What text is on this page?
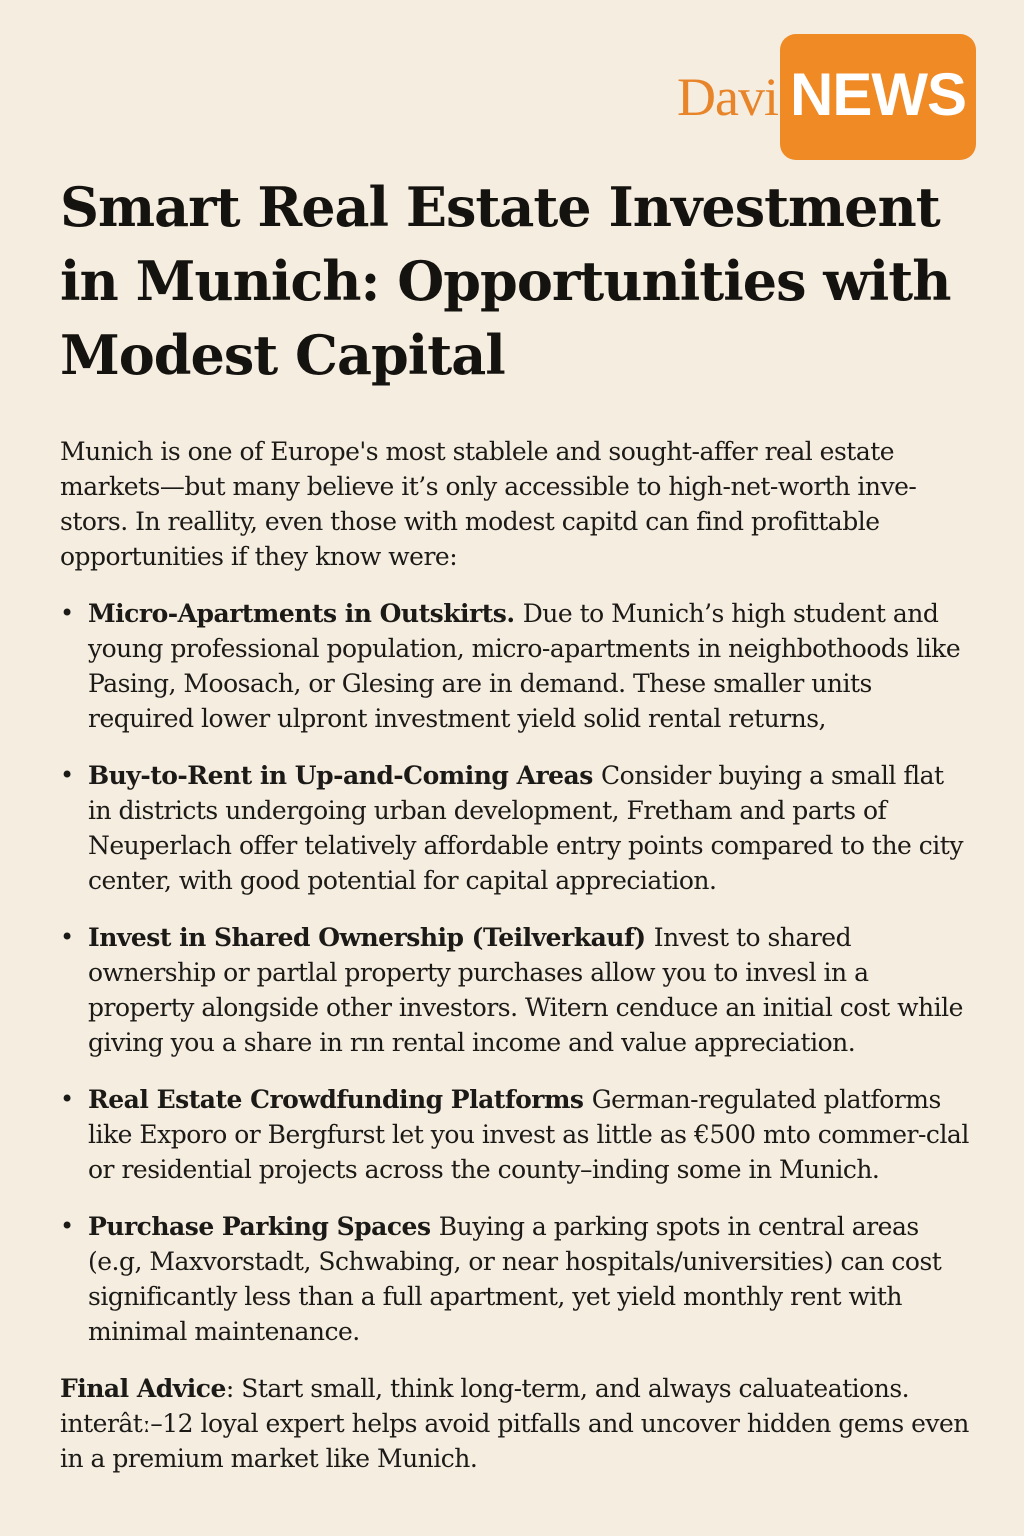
Davi NEWS
Smart Real Estate Investment in Munich: Opportunities with Modest Capital

Munich is one of Europe's most stablele and sought-affer real estate markets—but many believe it’s only accessible to high-net-worth inve-stors. In reallity, even those with modest capitd can find profittable opportunities if they know were:

• Micro-Apartments in Outskirts. Due to Munich’s high student and young professional population, micro-apartments in neighbothoods like Pasing, Moosach, or Glesing are in demand. These smaller units required lower ulpront investment yield solid rental returns,
• Buy-to-Rent in Up-and-Coming Areas Consider buying a small flat in districts undergoing urban development, Fretham and parts of Neuperlach offer telatively affordable entry points compared to the city center, with good potential for capital appreciation.
• Invest in Shared Ownership (Teilverkauf) Invest to shared ownership or partlal property purchases allow you to invesl in a property alongside other investors. Witern cenduce an initial cost while giving you a share in rın rental income and value appreciation.
• Real Estate Crowdfunding Platforms German-regulated platforms like Exporo or Bergfurst let you invest as little as €500 mto commer-clal or residential projects across the county–inding some in Munich.
• Purchase Parking Spaces Buying a parking spots in central areas (e.g, Maxvorstadt, Schwabing, or near hospitals/universities) can cost significantly less than a full apartment, yet yield monthly rent with minimal maintenance.

Final Advice: Start small, think long-term, and always caluateations. interâtː–12 loyal expert helps avoid pitfalls and uncover hidden gems even in a premium market like Munich.
